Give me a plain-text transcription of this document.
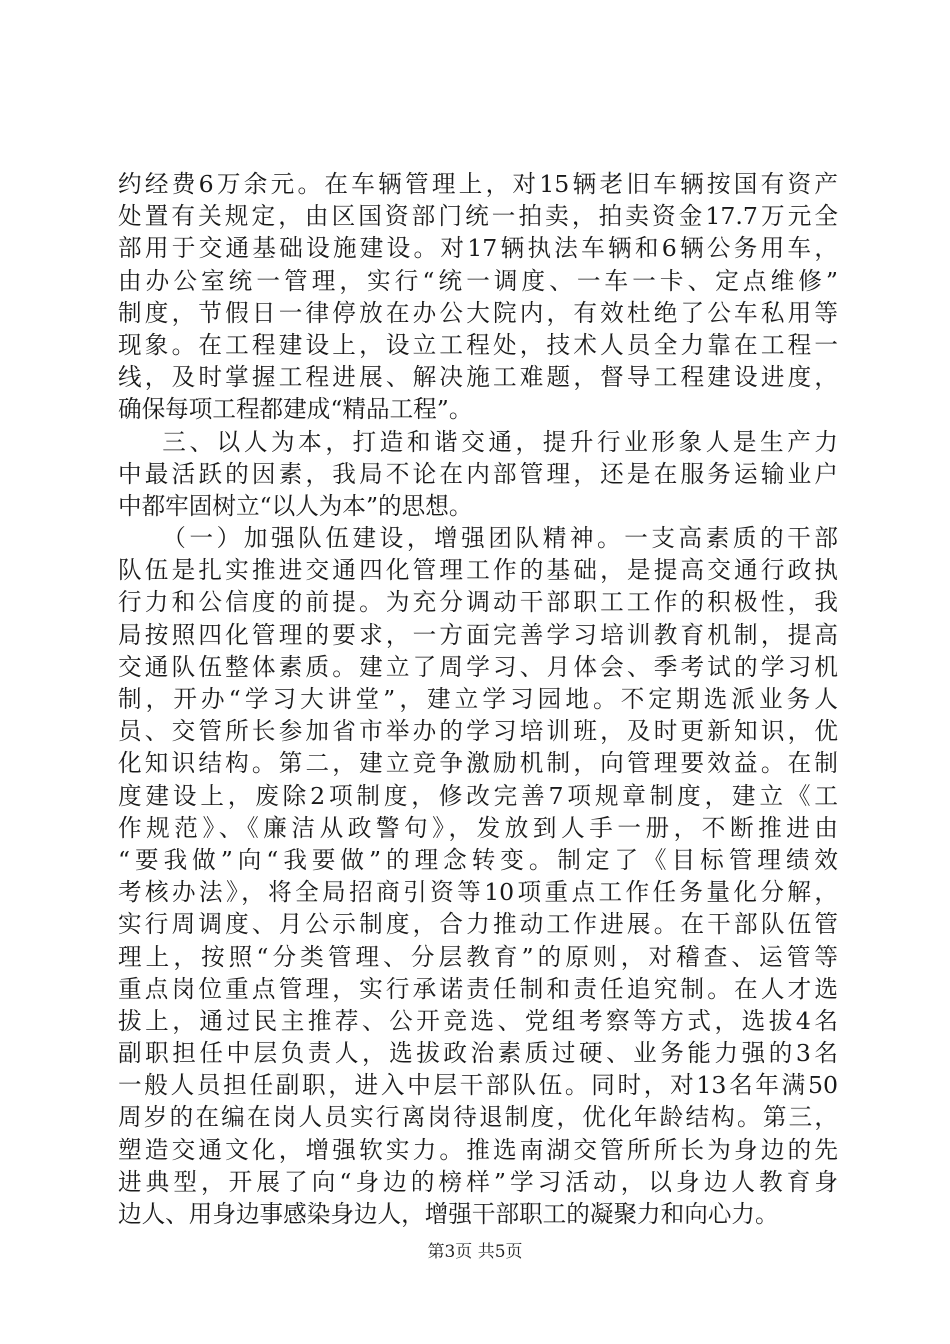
约经费6万余元。在车辆管理上，对15辆老旧车辆按国有资产
处置有关规定，由区国资部门统一拍卖，拍卖资金17.7万元全
部用于交通基础设施建设。对17辆执法车辆和6辆公务用车，
由办公室统一管理，实行“统一调度、一车一卡、定点维修”
制度，节假日一律停放在办公大院内，有效杜绝了公车私用等
现象。在工程建设上，设立工程处，技术人员全力靠在工程一
线，及时掌握工程进展、解决施工难题，督导工程建设进度，
确保每项工程都建成“精品工程”。
三、以人为本，打造和谐交通，提升行业形象人是生产力
中最活跃的因素，我局不论在内部管理，还是在服务运输业户
中都牢固树立“以人为本”的思想。
（一）加强队伍建设，增强团队精神。一支高素质的干部
队伍是扎实推进交通四化管理工作的基础，是提高交通行政执
行力和公信度的前提。为充分调动干部职工工作的积极性，我
局按照四化管理的要求，一方面完善学习培训教育机制，提高
交通队伍整体素质。建立了周学习、月体会、季考试的学习机
制，开办“学习大讲堂”，建立学习园地。不定期选派业务人
员、交管所长参加省市举办的学习培训班，及时更新知识，优
化知识结构。第二，建立竞争激励机制，向管理要效益。在制
度建设上，废除2项制度，修改完善7项规章制度，建立《工
作规范》、《廉洁从政警句》，发放到人手一册，不断推进由
“要我做”向“我要做”的理念转变。制定了《目标管理绩效
考核办法》，将全局招商引资等10项重点工作任务量化分解，
实行周调度、月公示制度，合力推动工作进展。在干部队伍管
理上，按照“分类管理、分层教育”的原则，对稽查、运管等
重点岗位重点管理，实行承诺责任制和责任追究制。在人才选
拔上，通过民主推荐、公开竞选、党组考察等方式，选拔4名
副职担任中层负责人，选拔政治素质过硬、业务能力强的3名
一般人员担任副职，进入中层干部队伍。同时，对13名年满50
周岁的在编在岗人员实行离岗待退制度，优化年龄结构。第三，
塑造交通文化，增强软实力。推选南湖交管所所长为身边的先
进典型，开展了向“身边的榜样”学习活动，以身边人教育身
边人、用身边事感染身边人，增强干部职工的凝聚力和向心力。
第3页 共5页
